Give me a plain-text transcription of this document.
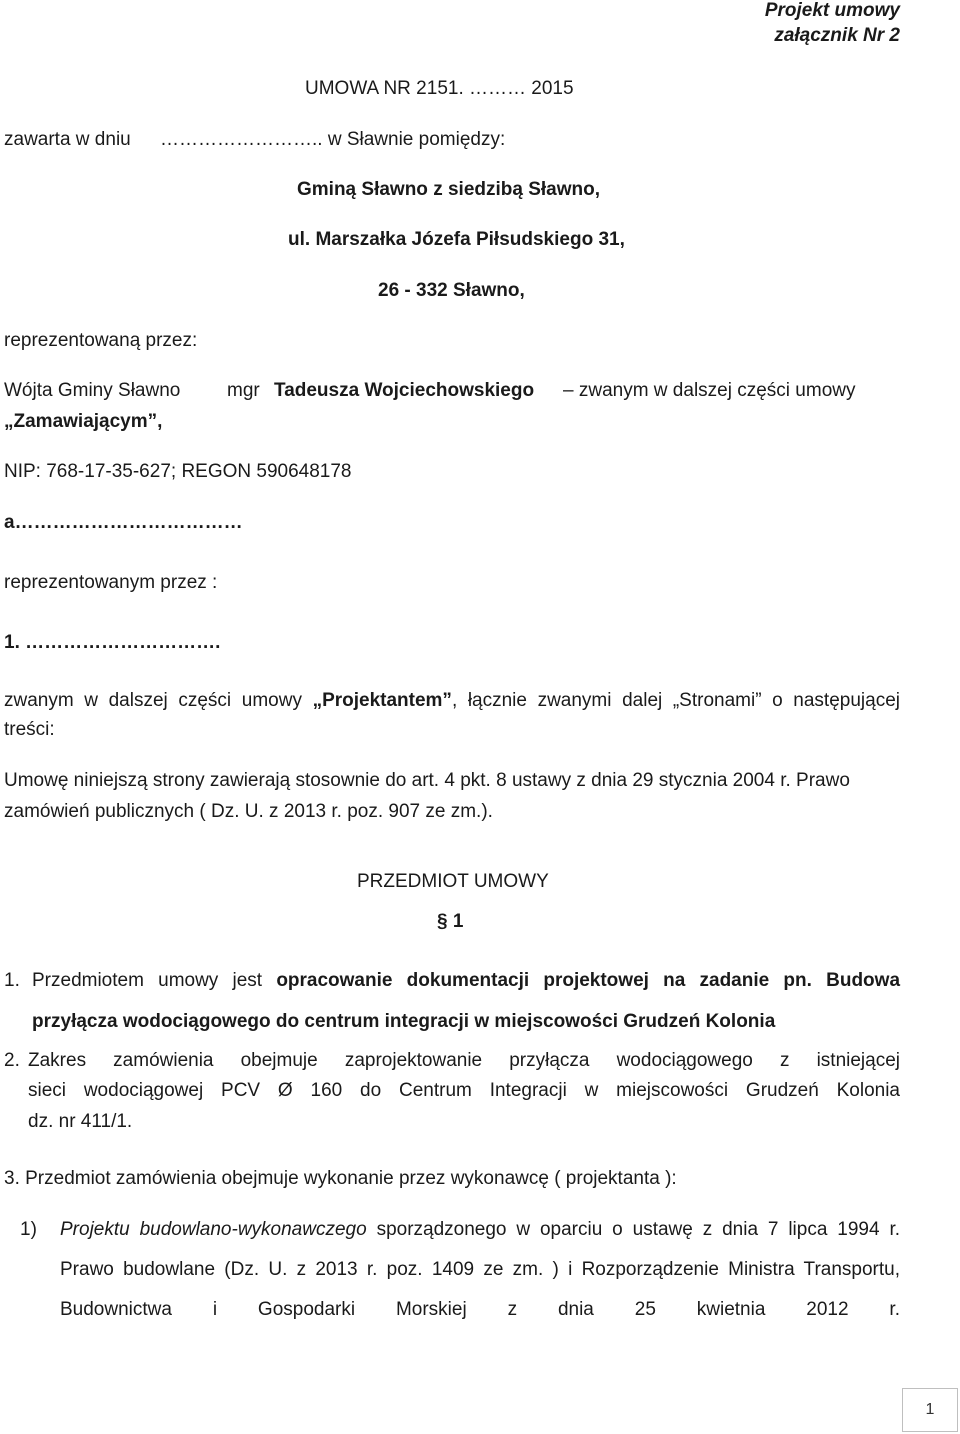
Projekt umowy
załącznik Nr 2
UMOWA NR 2151. ……… 2015
zawarta w dniu …………………….. w Sławnie pomiędzy:
Gminą Sławno z siedzibą Sławno,
ul. Marszałka Józefa Piłsudskiego 31,
26 - 332 Sławno,
reprezentowaną przez:
Wójta Gminy Sławno mgr Tadeusza Wojciechowskiego – zwanym w dalszej części umowy
„Zamawiającym”,
NIP: 768-17-35-627; REGON 590648178
a………………………………
reprezentowanym przez :
1. ………………………….
zwanym w dalszej części umowy „Projektantem”, łącznie zwanymi dalej „Stronami” o następującej
treści:
Umowę niniejszą strony zawierają stosownie do art. 4 pkt. 8 ustawy z dnia 29 stycznia 2004 r. Prawo
zamówień publicznych ( Dz. U. z 2013 r. poz. 907 ze zm.).
PRZEDMIOT UMOWY
§ 1
1. Przedmiotem umowy jest opracowanie dokumentacji projektowej na zadanie pn. Budowa
przyłącza wodociągowego do centrum integracji w miejscowości Grudzeń Kolonia
2. Zakres zamówienia obejmuje zaprojektowanie przyłącza wodociągowego z istniejącej
sieci wodociągowej PCV Ø 160 do Centrum Integracji w miejscowości Grudzeń Kolonia
dz. nr 411/1.
3. Przedmiot zamówienia obejmuje wykonanie przez wykonawcę ( projektanta ):
1) Projektu budowlano-wykonawczego sporządzonego w oparciu o ustawę z dnia 7 lipca 1994 r.
Prawo budowlane (Dz. U. z 2013 r. poz. 1409 ze zm. ) i Rozporządzenie Ministra Transportu,
Budownictwa i Gospodarki Morskiej z dnia 25 kwietnia 2012 r.
1
